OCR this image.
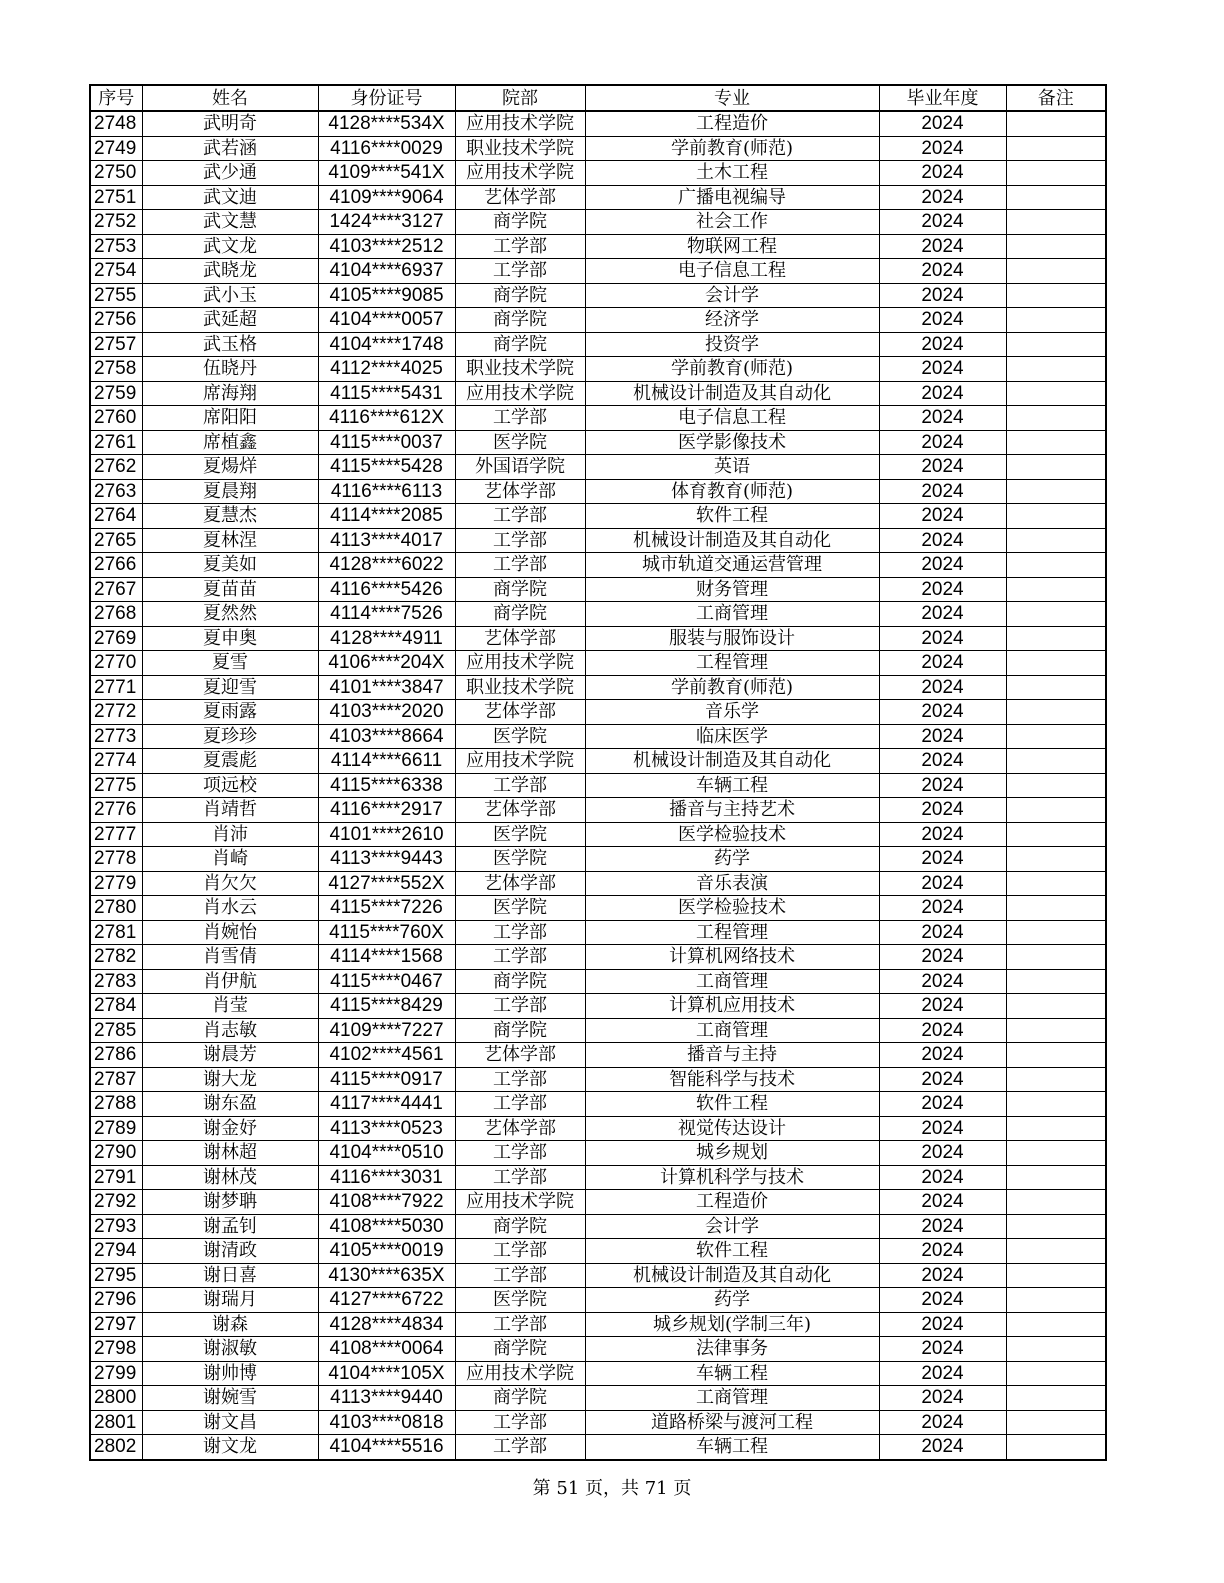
序号	姓名	身份证号	院部	专业	毕业年度	备注
2748	武明奇	4128****534X	应用技术学院	工程造价	2024	
2749	武若涵	4116****0029	职业技术学院	学前教育(师范)	2024	
2750	武少通	4109****541X	应用技术学院	土木工程	2024	
2751	武文迪	4109****9064	艺体学部	广播电视编导	2024	
2752	武文慧	1424****3127	商学院	社会工作	2024	
2753	武文龙	4103****2512	工学部	物联网工程	2024	
2754	武晓龙	4104****6937	工学部	电子信息工程	2024	
2755	武小玉	4105****9085	商学院	会计学	2024	
2756	武延超	4104****0057	商学院	经济学	2024	
2757	武玉格	4104****1748	商学院	投资学	2024	
2758	伍晓丹	4112****4025	职业技术学院	学前教育(师范)	2024	
2759	席海翔	4115****5431	应用技术学院	机械设计制造及其自动化	2024	
2760	席阳阳	4116****612X	工学部	电子信息工程	2024	
2761	席植鑫	4115****0037	医学院	医学影像技术	2024	
2762	夏煬烊	4115****5428	外国语学院	英语	2024	
2763	夏晨翔	4116****6113	艺体学部	体育教育(师范)	2024	
2764	夏慧杰	4114****2085	工学部	软件工程	2024	
2765	夏林涅	4113****4017	工学部	机械设计制造及其自动化	2024	
2766	夏美如	4128****6022	工学部	城市轨道交通运营管理	2024	
2767	夏苗苗	4116****5426	商学院	财务管理	2024	
2768	夏然然	4114****7526	商学院	工商管理	2024	
2769	夏申奥	4128****4911	艺体学部	服装与服饰设计	2024	
2770	夏雪	4106****204X	应用技术学院	工程管理	2024	
2771	夏迎雪	4101****3847	职业技术学院	学前教育(师范)	2024	
2772	夏雨露	4103****2020	艺体学部	音乐学	2024	
2773	夏珍珍	4103****8664	医学院	临床医学	2024	
2774	夏震彪	4114****6611	应用技术学院	机械设计制造及其自动化	2024	
2775	项远校	4115****6338	工学部	车辆工程	2024	
2776	肖靖哲	4116****2917	艺体学部	播音与主持艺术	2024	
2777	肖沛	4101****2610	医学院	医学检验技术	2024	
2778	肖崎	4113****9443	医学院	药学	2024	
2779	肖欠欠	4127****552X	艺体学部	音乐表演	2024	
2780	肖水云	4115****7226	医学院	医学检验技术	2024	
2781	肖婉怡	4115****760X	工学部	工程管理	2024	
2782	肖雪倩	4114****1568	工学部	计算机网络技术	2024	
2783	肖伊航	4115****0467	商学院	工商管理	2024	
2784	肖莹	4115****8429	工学部	计算机应用技术	2024	
2785	肖志敏	4109****7227	商学院	工商管理	2024	
2786	谢晨芳	4102****4561	艺体学部	播音与主持	2024	
2787	谢大龙	4115****0917	工学部	智能科学与技术	2024	
2788	谢东盈	4117****4441	工学部	软件工程	2024	
2789	谢金妤	4113****0523	艺体学部	视觉传达设计	2024	
2790	谢林超	4104****0510	工学部	城乡规划	2024	
2791	谢林茂	4116****3031	工学部	计算机科学与技术	2024	
2792	谢梦聃	4108****7922	应用技术学院	工程造价	2024	
2793	谢孟钊	4108****5030	商学院	会计学	2024	
2794	谢清政	4105****0019	工学部	软件工程	2024	
2795	谢日喜	4130****635X	工学部	机械设计制造及其自动化	2024	
2796	谢瑞月	4127****6722	医学院	药学	2024	
2797	谢森	4128****4834	工学部	城乡规划(学制三年)	2024	
2798	谢淑敏	4108****0064	商学院	法律事务	2024	
2799	谢帅博	4104****105X	应用技术学院	车辆工程	2024	
2800	谢婉雪	4113****9440	商学院	工商管理	2024	
2801	谢文昌	4103****0818	工学部	道路桥梁与渡河工程	2024	
2802	谢文龙	4104****5516	工学部	车辆工程	2024	
第 51 页，共 71 页
